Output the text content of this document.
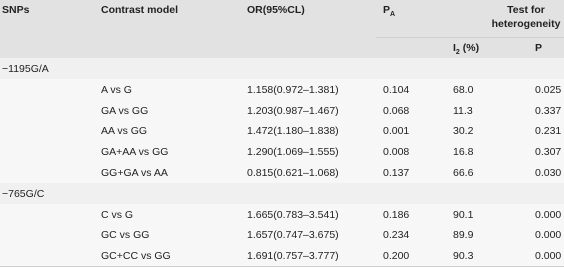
SNPs	Contrast model	OR(95%CL)	$P_A$	Test for
heterogeneity
$I_2$ (%)	P
−1195G/A
A vs G	1.158(0.972–1.381)	0.104	68.0	0.025
GA vs GG	1.203(0.987–1.467)	0.068	11.3	0.337
AA vs GG	1.472(1.180–1.838)	0.001	30.2	0.231
GA+AA vs GG	1.290(1.069–1.555)	0.008	16.8	0.307
GG+GA vs AA	0.815(0.621–1.068)	0.137	66.6	0.030
−765G/C
C vs G	1.665(0.783–3.541)	0.186	90.1	0.000
GC vs GG	1.657(0.747–3.675)	0.234	89.9	0.000
GC+CC vs GG	1.691(0.757–3.777)	0.200	90.3	0.000
